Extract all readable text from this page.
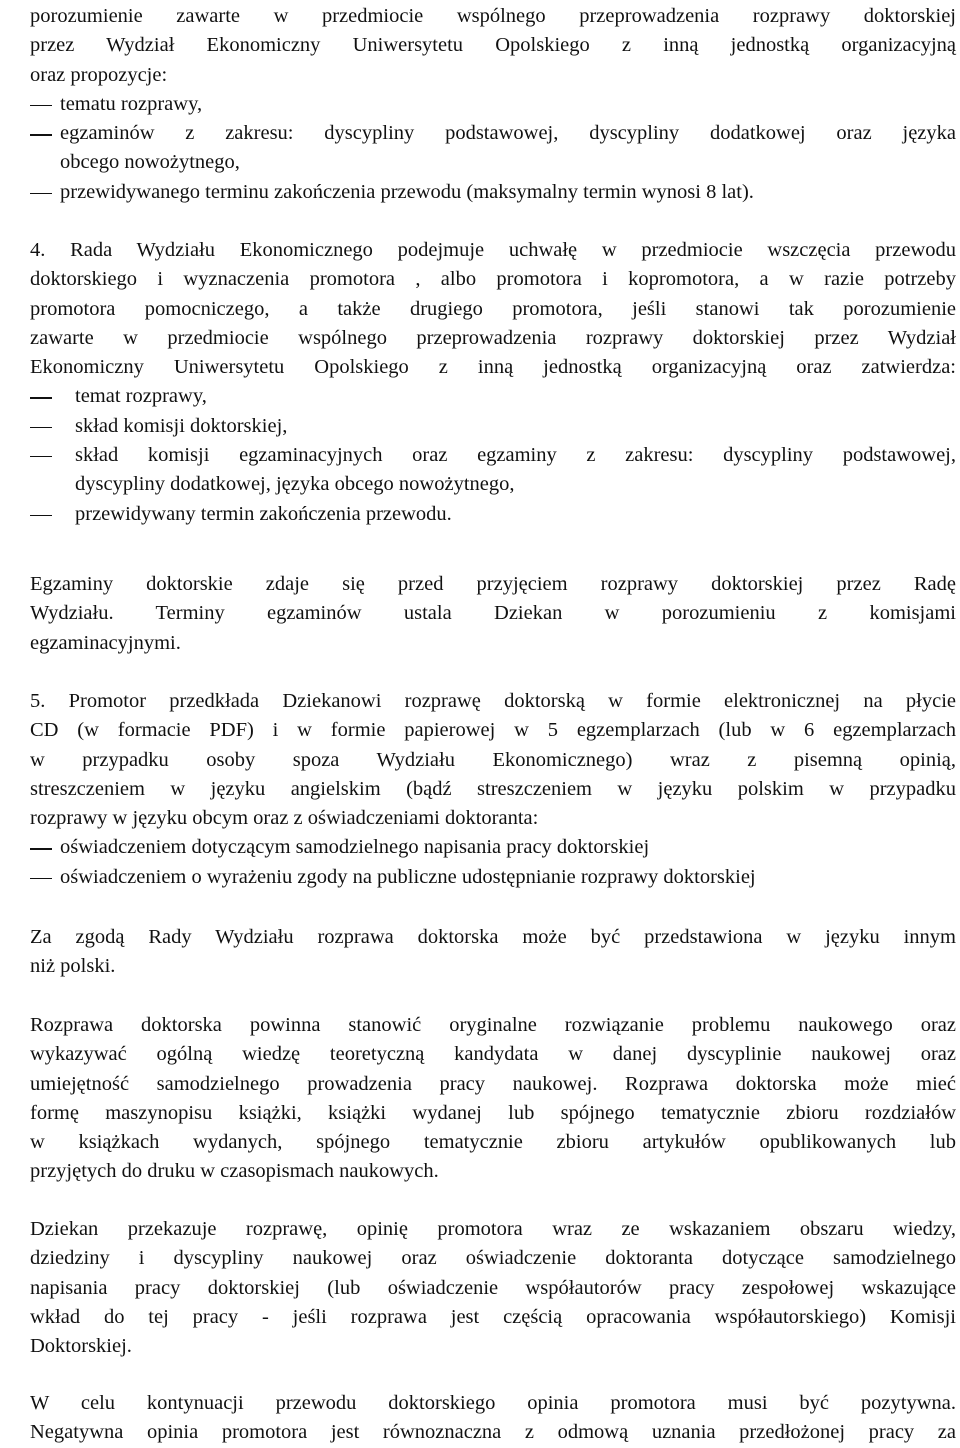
porozumienie zawarte w przedmiocie wspólnego przeprowadzenia rozprawy doktorskiej
przez Wydział Ekonomiczny Uniwersytetu Opolskiego z inną jednostką organizacyjną
oraz propozycje:
tematu rozprawy,
egzaminów z zakresu: dyscypliny podstawowej, dyscypliny dodatkowej oraz języka
obcego nowożytnego,
przewidywanego terminu zakończenia przewodu (maksymalny termin wynosi 8 lat).
4. Rada Wydziału Ekonomicznego podejmuje uchwałę w przedmiocie wszczęcia przewodu
doktorskiego i wyznaczenia promotora , albo promotora i kopromotora, a w razie potrzeby
promotora pomocniczego, a także drugiego promotora, jeśli stanowi tak porozumienie
zawarte w przedmiocie wspólnego przeprowadzenia rozprawy doktorskiej przez Wydział
Ekonomiczny Uniwersytetu Opolskiego z inną jednostką organizacyjną oraz zatwierdza:
temat rozprawy,
skład komisji doktorskiej,
skład komisji egzaminacyjnych oraz egzaminy z zakresu: dyscypliny podstawowej,
dyscypliny dodatkowej, języka obcego nowożytnego,
przewidywany termin zakończenia przewodu.
Egzaminy doktorskie zdaje się przed przyjęciem rozprawy doktorskiej przez Radę
Wydziału. Terminy egzaminów ustala Dziekan w porozumieniu z komisjami
egzaminacyjnymi.
5. Promotor przedkłada Dziekanowi rozprawę doktorską w formie elektronicznej na płycie
CD (w formacie PDF) i w formie papierowej w 5 egzemplarzach (lub w 6 egzemplarzach
w przypadku osoby spoza Wydziału Ekonomicznego) wraz z pisemną opinią,
streszczeniem w języku angielskim (bądź streszczeniem w języku polskim w przypadku
rozprawy w języku obcym oraz z oświadczeniami doktoranta:
oświadczeniem dotyczącym samodzielnego napisania pracy doktorskiej
oświadczeniem o wyrażeniu zgody na publiczne udostępnianie rozprawy doktorskiej
Za zgodą Rady Wydziału rozprawa doktorska może być przedstawiona w języku innym
niż polski.
Rozprawa doktorska powinna stanowić oryginalne rozwiązanie problemu naukowego oraz
wykazywać ogólną wiedzę teoretyczną kandydata w danej dyscyplinie naukowej oraz
umiejętność samodzielnego prowadzenia pracy naukowej. Rozprawa doktorska może mieć
formę maszynopisu książki, książki wydanej lub spójnego tematycznie zbioru rozdziałów
w książkach wydanych, spójnego tematycznie zbioru artykułów opublikowanych lub
przyjętych do druku w czasopismach naukowych.
Dziekan przekazuje rozprawę, opinię promotora wraz ze wskazaniem obszaru wiedzy,
dziedziny i dyscypliny naukowej oraz oświadczenie doktoranta dotyczące samodzielnego
napisania pracy doktorskiej (lub oświadczenie współautorów pracy zespołowej wskazujące
wkład do tej pracy - jeśli rozprawa jest częścią opracowania współautorskiego) Komisji
Doktorskiej.
W celu kontynuacji przewodu doktorskiego opinia promotora musi być pozytywna.
Negatywna opinia promotora jest równoznaczna z odmową uznania przedłożonej pracy za
